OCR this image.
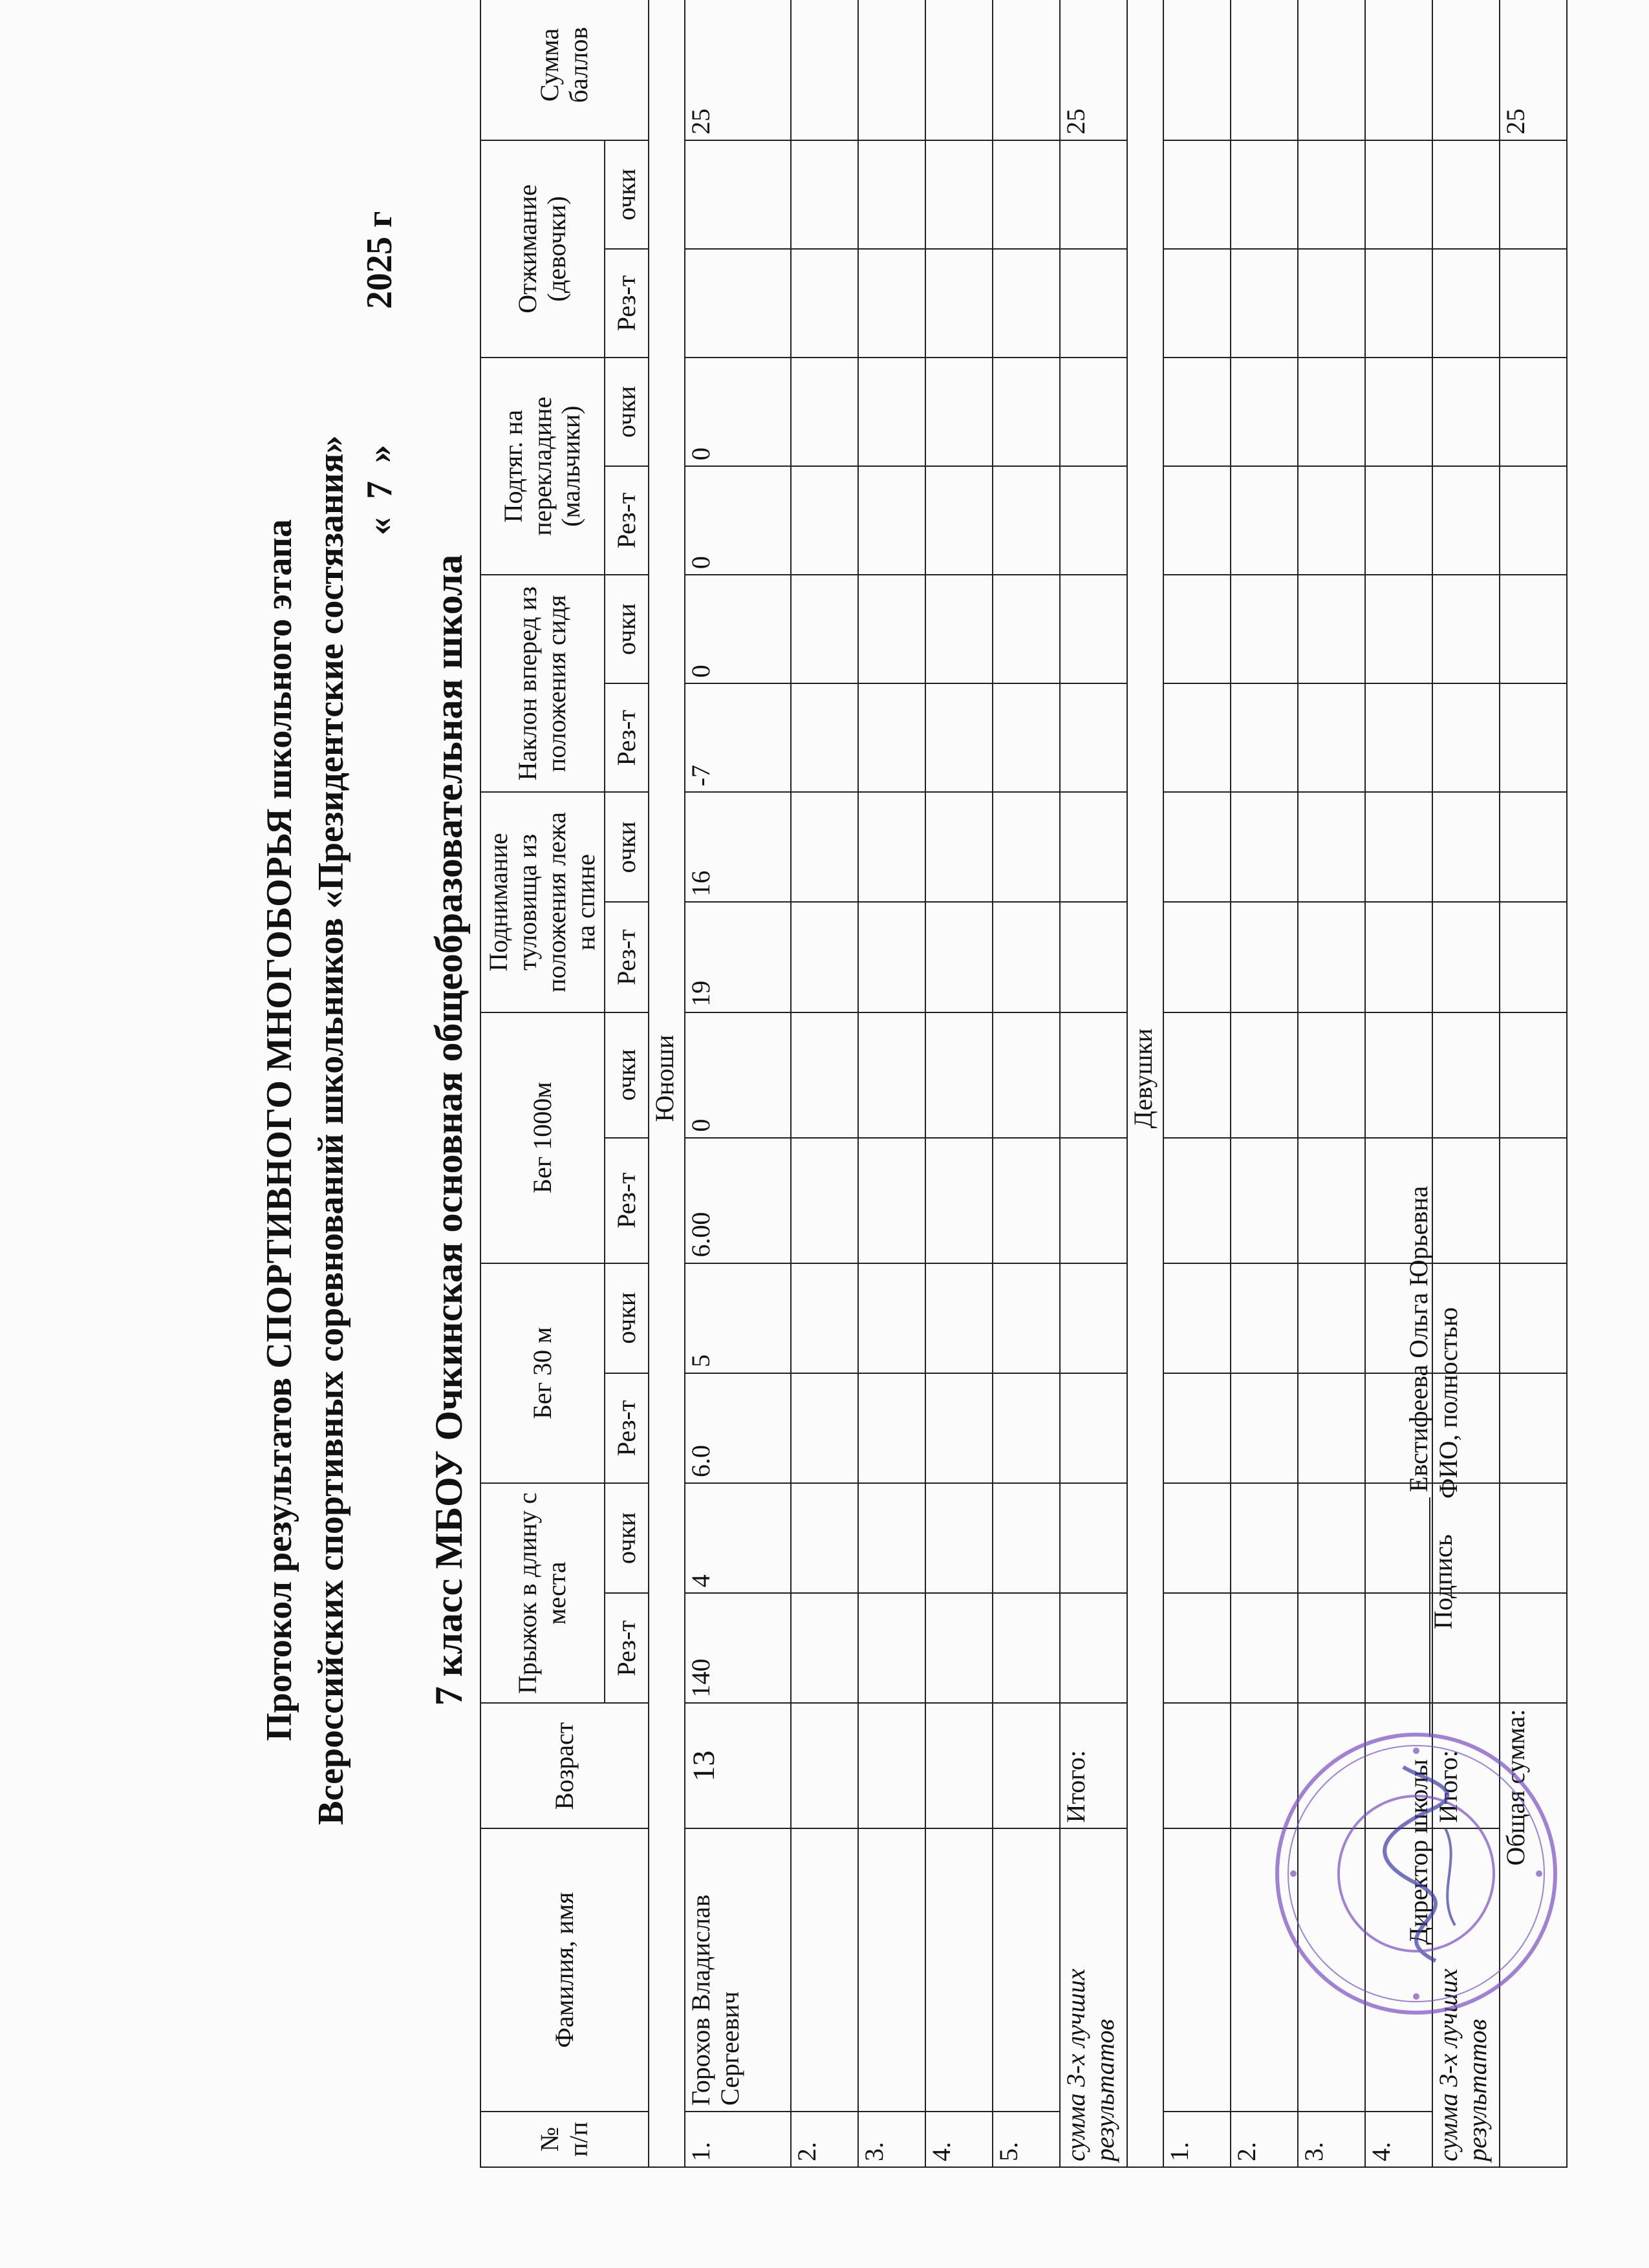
Протокол результатов СПОРТИВНОГО МНОГОБОРЬЯ школьного этапа Всероссийских спортивных соревнований школьников «Президентские состязания» «  7  »
2025 г
7 класс МБОУ Очкинская основная общеобразовательная школа
№ п/п	Фамилия, имя	Возраст	Прыжок в длину с места		Бег 30 м		Бег 1000м		Поднимание туловища из положения лежа на спине		Наклон вперед из положения сидя		Подтяг. на перекладине (мальчики)		Отжимание (девочки)		Сумма баллов
			Рез-т	очки	Рез-т	очки	Рез-т	очки	Рез-т	очки	Рез-т	очки	Рез-т	очки	Рез-т	очки	
Юноши																	
1.	Горохов Владислав Сергеевич	13	140	4	6.0	5	6.00	0	19	16	-7	0	0	0			25
2.																	
3.																	
4.																	
5.																	
сумма 3-х лучших результатов		Итого:															25
Девушки																	
1.																	
2.																	
3.																	
4.																	
сумма 3-х лучших результатов		Итого:															
Общая сумма:																	25
Директор школы
Подпись
Евстифеева Ольга Юрьевна ФИО, полностью
